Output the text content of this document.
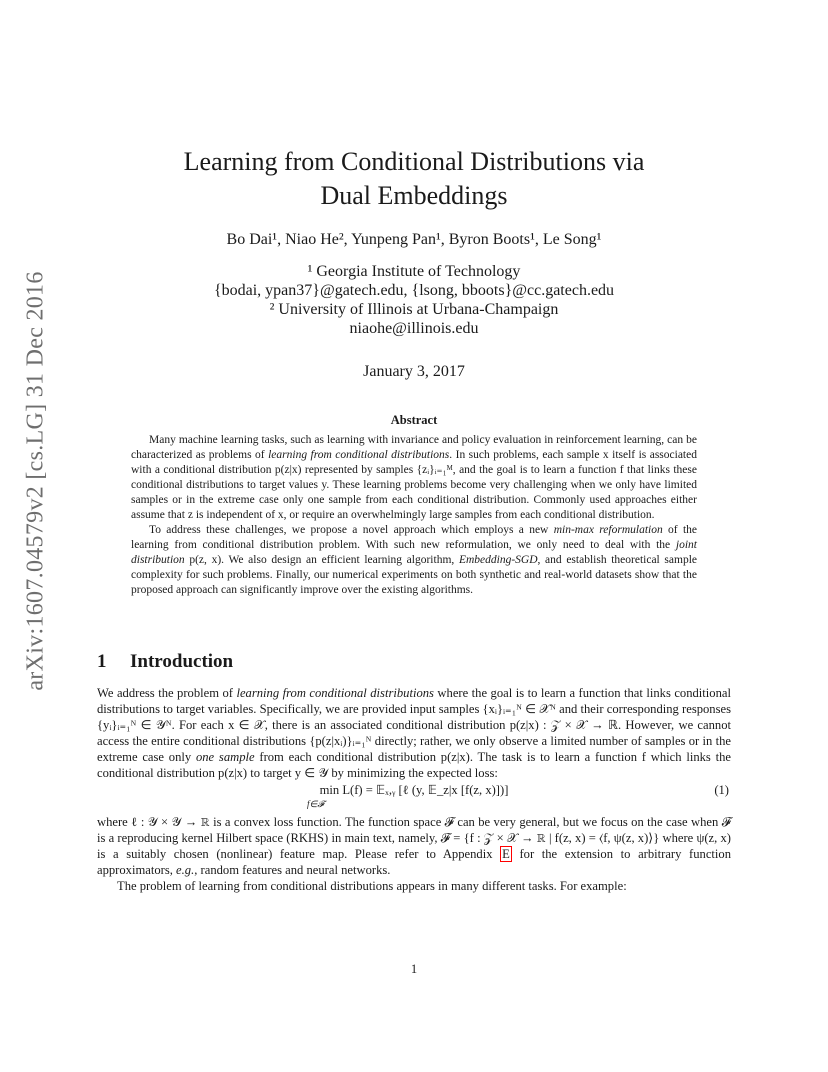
arXiv:1607.04579v2 [cs.LG] 31 Dec 2016
Learning from Conditional Distributions via
Dual Embeddings
Bo Dai¹, Niao He², Yunpeng Pan¹, Byron Boots¹, Le Song¹
¹ Georgia Institute of Technology
{bodai, ypan37}@gatech.edu, {lsong, bboots}@cc.gatech.edu
² University of Illinois at Urbana-Champaign
niaohe@illinois.edu
January 3, 2017
Abstract

Many machine learning tasks, such as learning with invariance and policy evaluation in reinforcement learning, can be characterized as problems of learning from conditional distributions. In such problems, each sample x itself is associated with a conditional distribution p(z|x) represented by samples {zᵢ}ᵢ₌₁ᴹ, and the goal is to learn a function f that links these conditional distributions to target values y. These learning problems become very challenging when we only have limited samples or in the extreme case only one sample from each conditional distribution. Commonly used approaches either assume that z is independent of x, or require an overwhelmingly large samples from each conditional distribution.

To address these challenges, we propose a novel approach which employs a new min-max reformulation of the learning from conditional distribution problem. With such new reformulation, we only need to deal with the joint distribution p(z, x). We also design an efficient learning algorithm, Embedding-SGD, and establish theoretical sample complexity for such problems. Finally, our numerical experiments on both synthetic and real-world datasets show that the proposed approach can significantly improve over the existing algorithms.

1 Introduction

We address the problem of learning from conditional distributions where the goal is to learn a function that links conditional distributions to target variables. Specifically, we are provided input samples {xᵢ}ᵢ₌₁ᴺ ∈ 𝒳ᴺ and their corresponding responses {yᵢ}ᵢ₌₁ᴺ ∈ 𝒴ᴺ. For each x ∈ 𝒳, there is an associated conditional distribution p(z|x) : 𝒵 × 𝒳 → ℝ. However, we cannot access the entire conditional distributions {p(z|xᵢ)}ᵢ₌₁ᴺ directly; rather, we only observe a limited number of samples or in the extreme case only one sample from each conditional distribution p(z|x). The task is to learn a function f which links the conditional distribution p(z|x) to target y ∈ 𝒴 by minimizing the expected loss:

min L(f) = 𝔼ₓ,ᵧ [ℓ (y, 𝔼_z|x [f(z, x)])]
f∈𝓕
(1)

where ℓ : 𝒴 × 𝒴 → ℝ is a convex loss function. The function space 𝓕 can be very general, but we focus on the case when 𝓕 is a reproducing kernel Hilbert space (RKHS) in main text, namely, 𝓕 = {f : 𝒵 × 𝒳 → ℝ | f(z, x) = ⟨f, ψ(z, x)⟩} where ψ(z, x) is a suitably chosen (nonlinear) feature map. Please refer to Appendix E for the extension to arbitrary function approximators, e.g., random features and neural networks.

The problem of learning from conditional distributions appears in many different tasks. For example:

1
